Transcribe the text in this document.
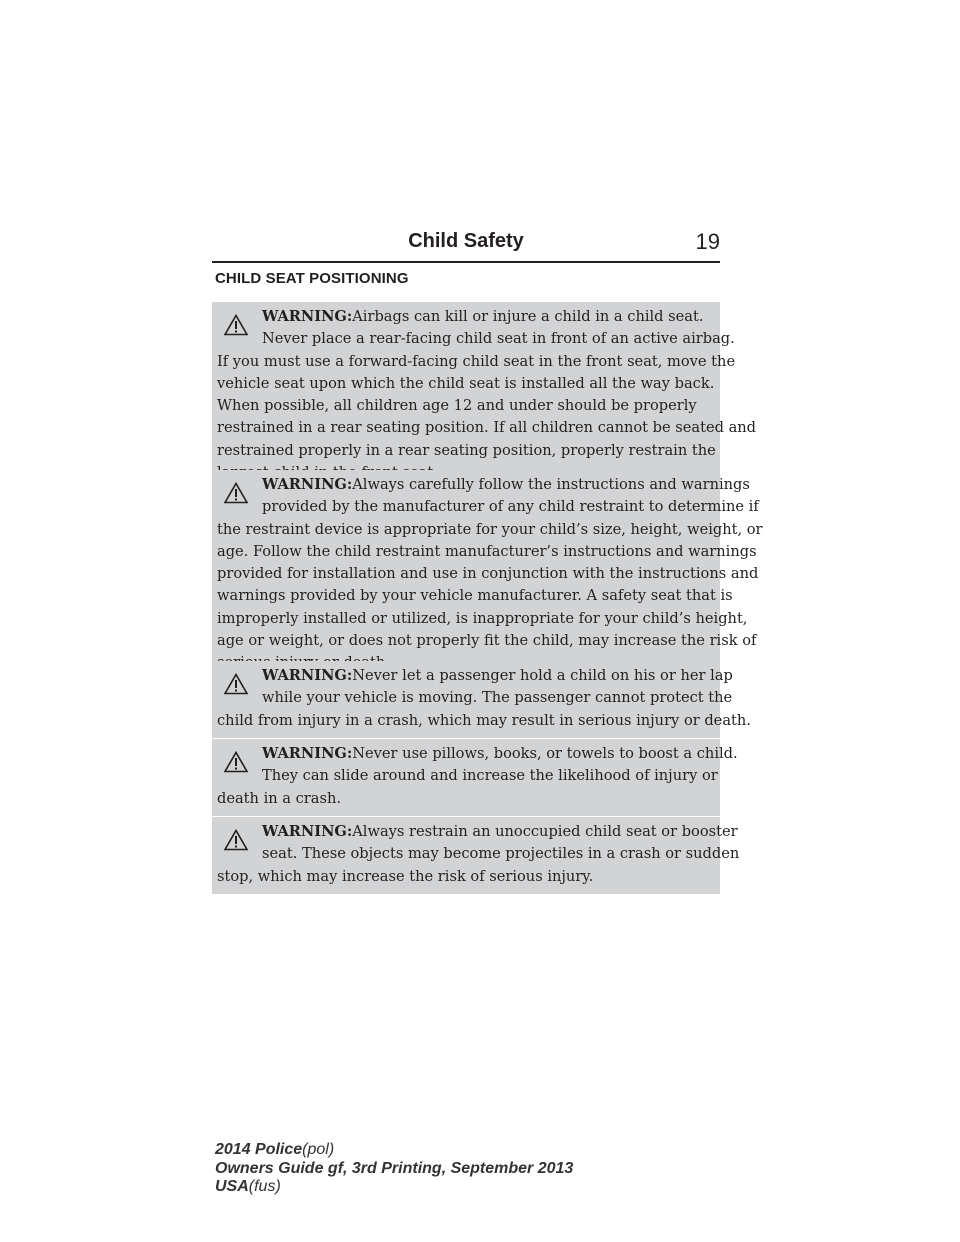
Child Safety	19
CHILD SEAT POSITIONING

WARNING:Airbags can kill or injure a child in a child seat.

Never place a rear-facing child seat in front of an active airbag.

If you must use a forward-facing child seat in the front seat, move the

vehicle seat upon which the child seat is installed all the way back.

When possible, all children age 12 and under should be properly

restrained in a rear seating position. If all children cannot be seated and

restrained properly in a rear seating position, properly restrain the

WARNING:Always carefully follow the instructions and warnings

provided by the manufacturer of any child restraint to determine if

the restraint device is appropriate for your child’s size, height, weight, or

age. Follow the child restraint manufacturer’s instructions and warnings

provided for installation and use in conjunction with the instructions and

warnings provided by your vehicle manufacturer. A safety seat that is

improperly installed or utilized, is inappropriate for your child’s height,

age or weight, or does not properly fit the child, may increase the risk of

WARNING:Never let a passenger hold a child on his or her lap

while your vehicle is moving. The passenger cannot protect the

child from injury in a crash, which may result in serious injury or death.

WARNING:Never use pillows, books, or towels to boost a child.

They can slide around and increase the likelihood of injury or

death in a crash.

WARNING:Always restrain an unoccupied child seat or booster

seat. These objects may become projectiles in a crash or sudden

stop, which may increase the risk of serious injury.

2014 Police(pol)
Owners Guide gf, 3rd Printing, September 2013
USA(fus)
